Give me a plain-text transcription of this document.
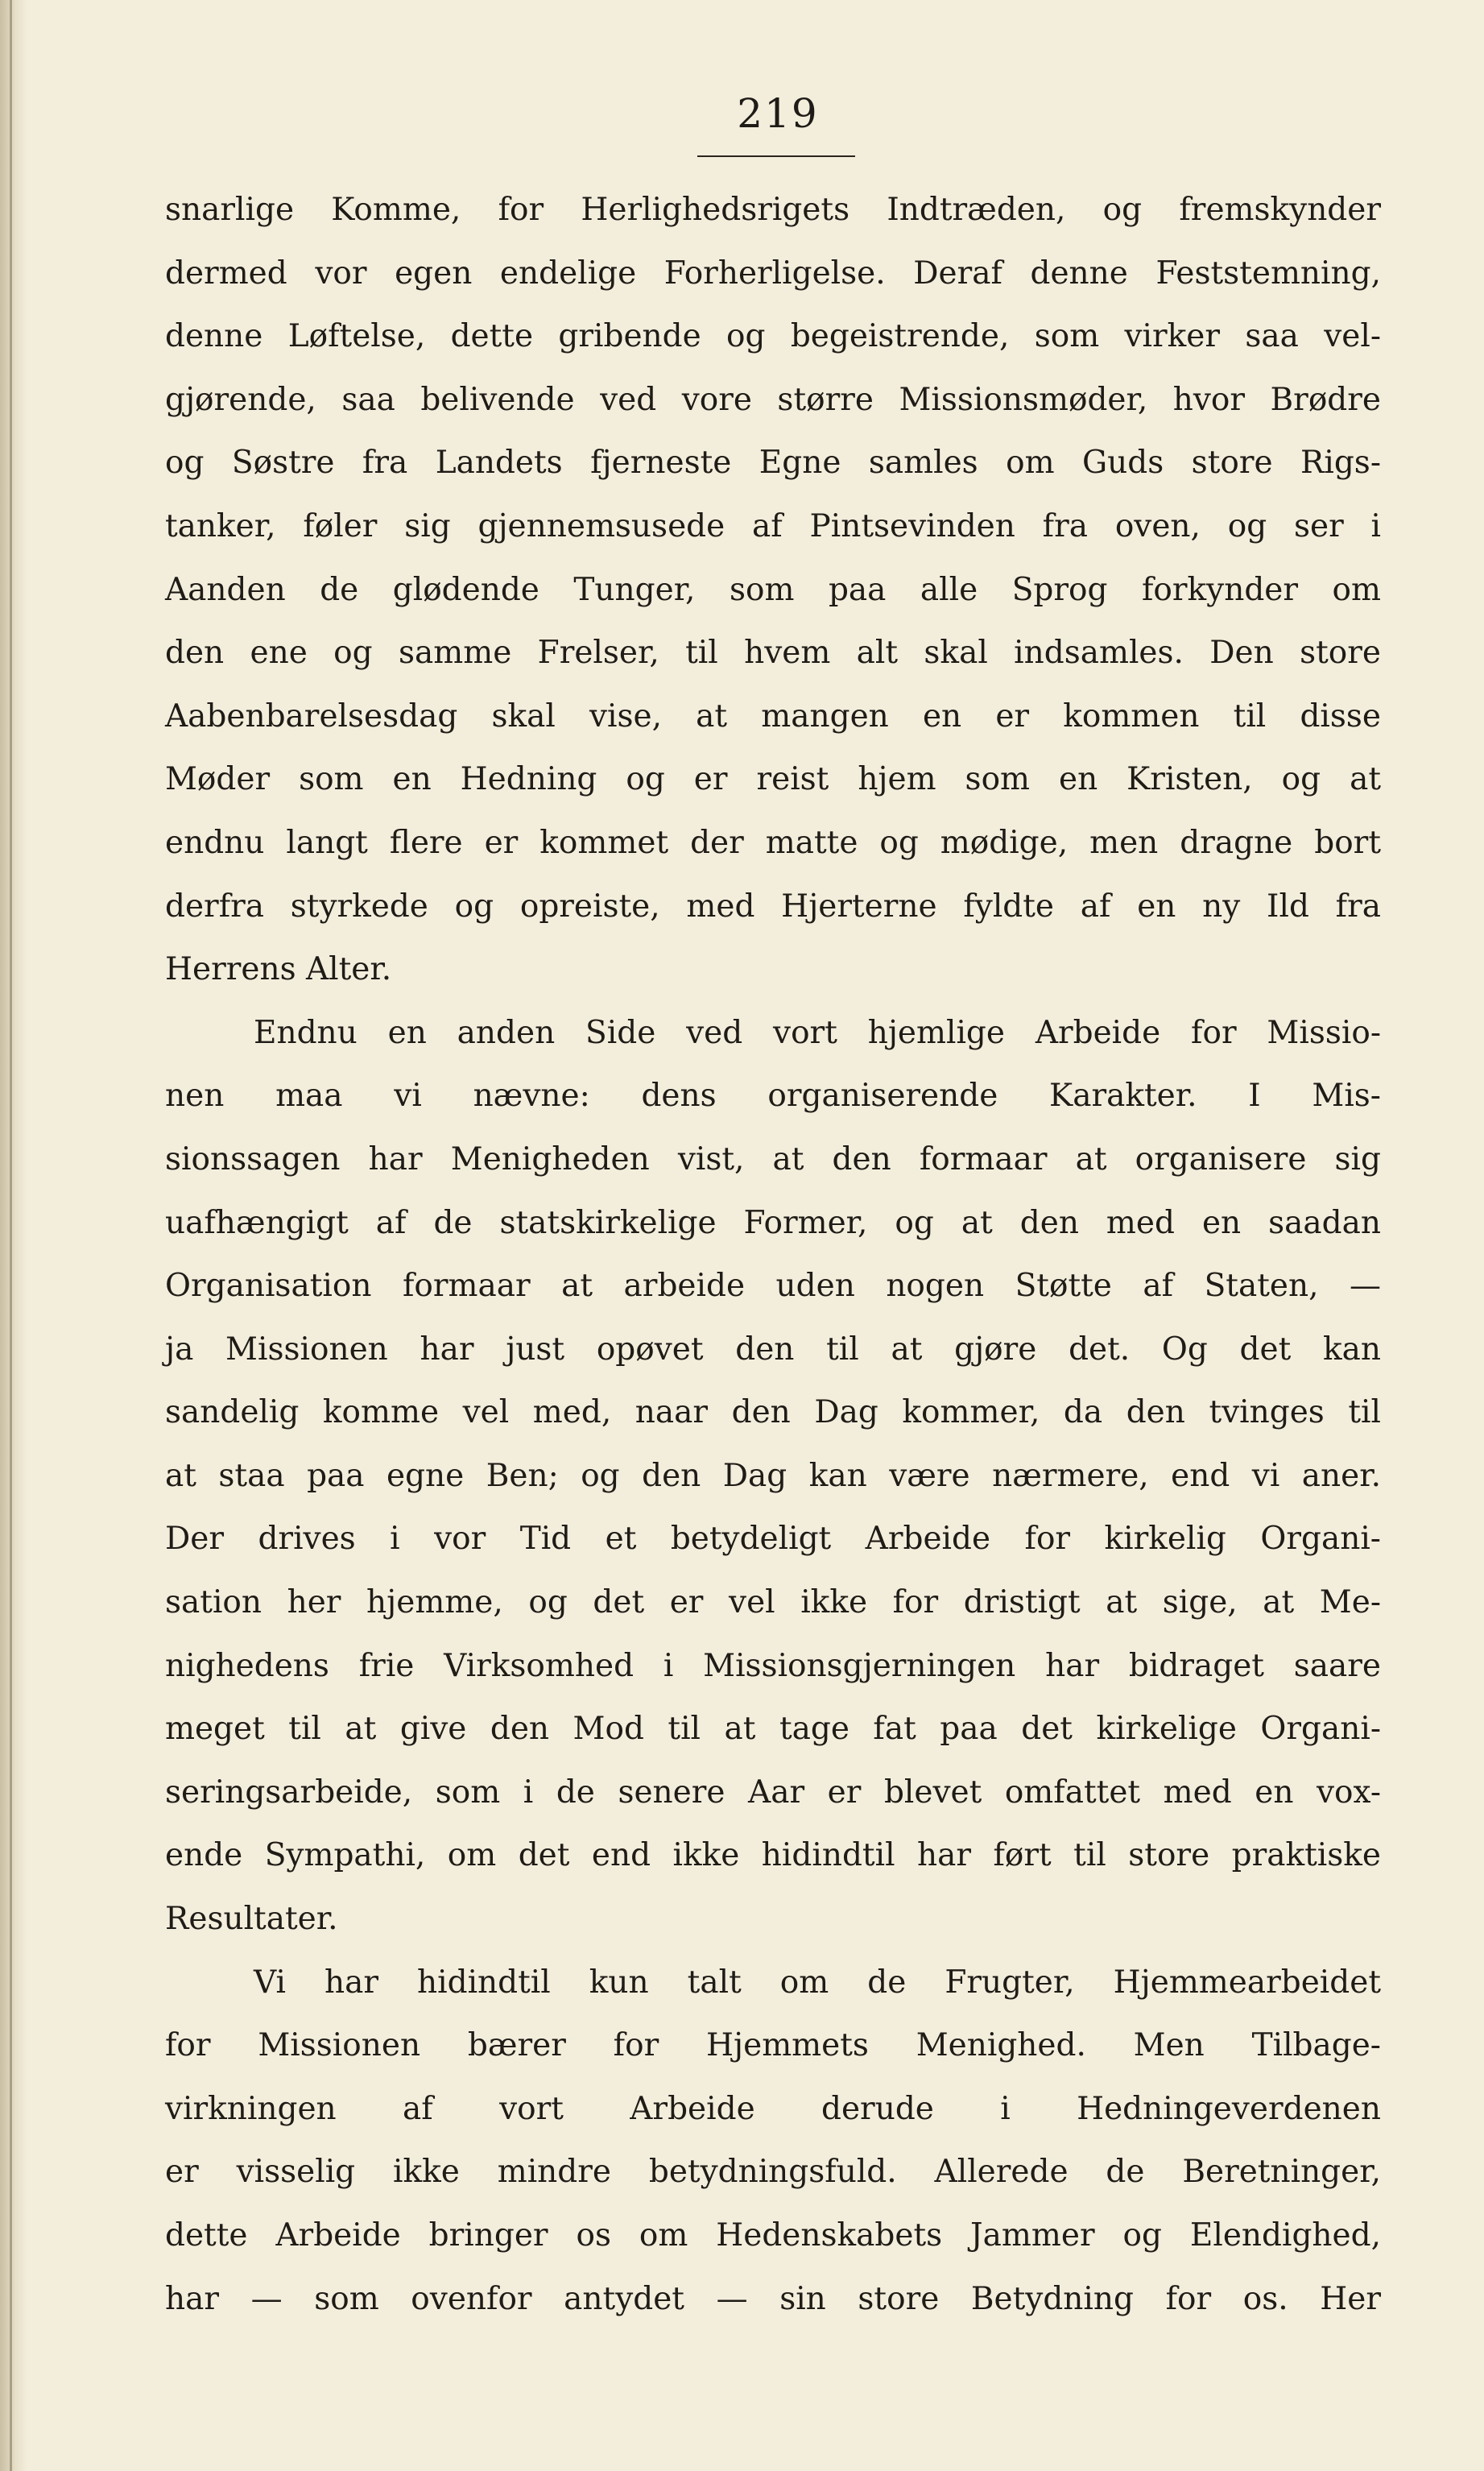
219
snarlige Komme, for Herlighedsrigets Indtræden, og fremskynder
dermed vor egen endelige Forherligelse. Deraf denne Feststemning,
denne Løftelse, dette gribende og begeistrende, som virker saa vel-
gjørende, saa belivende ved vore større Missionsmøder, hvor Brødre
og Søstre fra Landets fjerneste Egne samles om Guds store Rigs-
tanker, føler sig gjennemsusede af Pintsevinden fra oven, og ser i
Aanden de glødende Tunger, som paa alle Sprog forkynder om
den ene og samme Frelser, til hvem alt skal indsamles. Den store
Aabenbarelsesdag skal vise, at mangen en er kommen til disse
Møder som en Hedning og er reist hjem som en Kristen, og at
endnu langt flere er kommet der matte og mødige, men dragne bort
derfra styrkede og opreiste, med Hjerterne fyldte af en ny Ild fra
Herrens Alter.
Endnu en anden Side ved vort hjemlige Arbeide for Missio-
nen maa vi nævne: dens organiserende Karakter. I Mis-
sionssagen har Menigheden vist, at den formaar at organisere sig
uafhængigt af de statskirkelige Former, og at den med en saadan
Organisation formaar at arbeide uden nogen Støtte af Staten, —
ja Missionen har just opøvet den til at gjøre det. Og det kan
sandelig komme vel med, naar den Dag kommer, da den tvinges til
at staa paa egne Ben; og den Dag kan være nærmere, end vi aner.
Der drives i vor Tid et betydeligt Arbeide for kirkelig Organi-
sation her hjemme, og det er vel ikke for dristigt at sige, at Me-
nighedens frie Virksomhed i Missionsgjerningen har bidraget saare
meget til at give den Mod til at tage fat paa det kirkelige Organi-
seringsarbeide, som i de senere Aar er blevet omfattet med en vox-
ende Sympathi, om det end ikke hidindtil har ført til store praktiske
Resultater.
Vi har hidindtil kun talt om de Frugter, Hjemmearbeidet
for Missionen bærer for Hjemmets Menighed. Men Tilbage-
virkningen af vort Arbeide derude i Hedningeverdenen
er visselig ikke mindre betydningsfuld. Allerede de Beretninger,
dette Arbeide bringer os om Hedenskabets Jammer og Elendighed,
har — som ovenfor antydet — sin store Betydning for os. Her
